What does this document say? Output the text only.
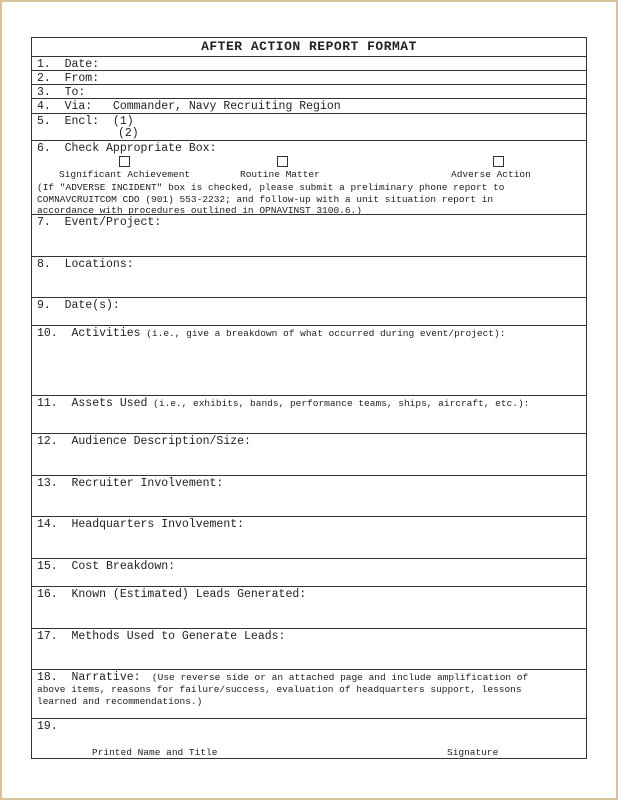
AFTER ACTION REPORT FORMAT
1.  Date:
2.  From:
3.  To:
4.  Via:   Commander, Navy Recruiting Region
5.  Encl:  (1)
(2)
6.  Check Appropriate Box:
Significant Achievement	Routine Matter	Adverse Action
(If "ADVERSE INCIDENT" box is checked, please submit a preliminary phone report to
COMNAVCRUITCOM CDO (901) 553-2232; and follow-up with a unit situation report in
accordance with procedures outlined in OPNAVINST 3100.6.)
7.  Event/Project:
8.  Locations:
9.  Date(s):
10.  Activities (i.e., give a breakdown of what occurred during event/project):
11.  Assets Used (i.e., exhibits, bands, performance teams, ships, aircraft, etc.):
12.  Audience Description/Size:
13.  Recruiter Involvement:
14.  Headquarters Involvement:
15.  Cost Breakdown:
16.  Known (Estimated) Leads Generated:
17.  Methods Used to Generate Leads:
18.  Narrative:  (Use reverse side or an attached page and include amplification of
above items, reasons for failure/success, evaluation of headquarters support, lessons
learned and recommendations.)
19.
Printed Name and Title	Signature
